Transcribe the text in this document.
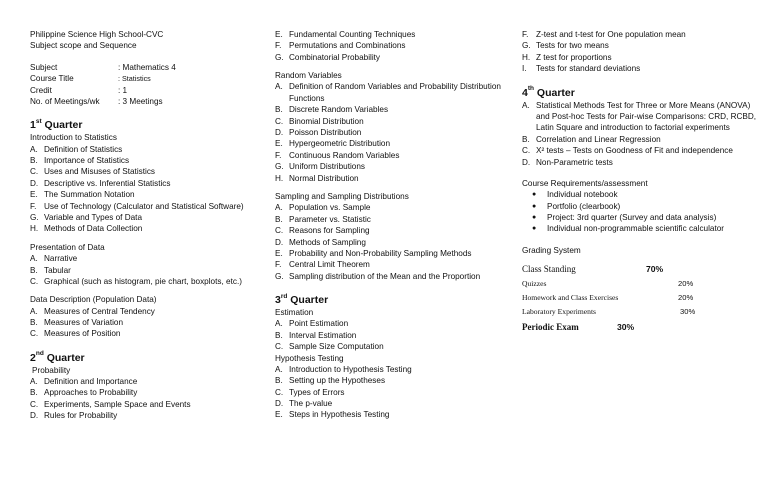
Philippine Science High School-CVC
Subject scope and Sequence
Subject	: Mathematics 4
Course Title	: Statistics
Credit	: 1
No. of Meetings/wk	: 3 Meetings
1st Quarter
Introduction to Statistics
A. Definition of Statistics
B. Importance of Statistics
C. Uses and Misuses of Statistics
D. Descriptive vs. Inferential Statistics
E. The Summation Notation
F. Use of Technology (Calculator and Statistical Software)
G. Variable and Types of Data
H. Methods of Data Collection
Presentation of Data
A. Narrative
B. Tabular
C. Graphical (such as histogram, pie chart, boxplots, etc.)
Data Description (Population Data)
A. Measures of Central Tendency
B. Measures of Variation
C. Measures of Position
2nd Quarter
Probability
A. Definition and Importance
B. Approaches to Probability
C. Experiments, Sample Space and Events
D. Rules for Probability
E. Fundamental Counting Techniques
F. Permutations and Combinations
G. Combinatorial Probability
Random Variables
A. Definition of Random Variables and Probability Distribution Functions
B. Discrete Random Variables
C. Binomial Distribution
D. Poisson Distribution
E. Hypergeometric Distribution
F. Continuous Random Variables
G. Uniform Distributions
H. Normal Distribution
Sampling and Sampling Distributions
A. Population vs. Sample
B. Parameter vs. Statistic
C. Reasons for Sampling
D. Methods of Sampling
E. Probability and Non-Probability Sampling Methods
F. Central Limit Theorem
G. Sampling distribution of the Mean and the Proportion
3rd Quarter
Estimation
A. Point Estimation
B. Interval Estimation
C. Sample Size Computation
Hypothesis Testing
A. Introduction to Hypothesis Testing
B. Setting up the Hypotheses
C. Types of Errors
D. The p-value
E. Steps in Hypothesis Testing
F. Z-test and t-test for One population mean
G. Tests for two means
H. Z test for proportions
I.	Tests for standard deviations
4th Quarter
A. Statistical Methods Test for Three or More Means (ANOVA) and Post-hoc Tests for Pair-wise Comparisons: CRD, RCBD, Latin Square and introduction to factorial experiments
B. Correlation and Linear Regression
C. X² tests – Tests on Goodness of Fit and independence
D. Non-Parametric tests
Course Requirements/assessment
●	Individual notebook
●	Portfolio (clearbook)
●	Project: 3rd quarter (Survey and data analysis)
●	Individual non-programmable scientific calculator
Grading System
Class Standing	70%
Quizzes	20%
Homework and Class Exercises	20%
Laboratory Experiments	30%
Periodic Exam	30%
